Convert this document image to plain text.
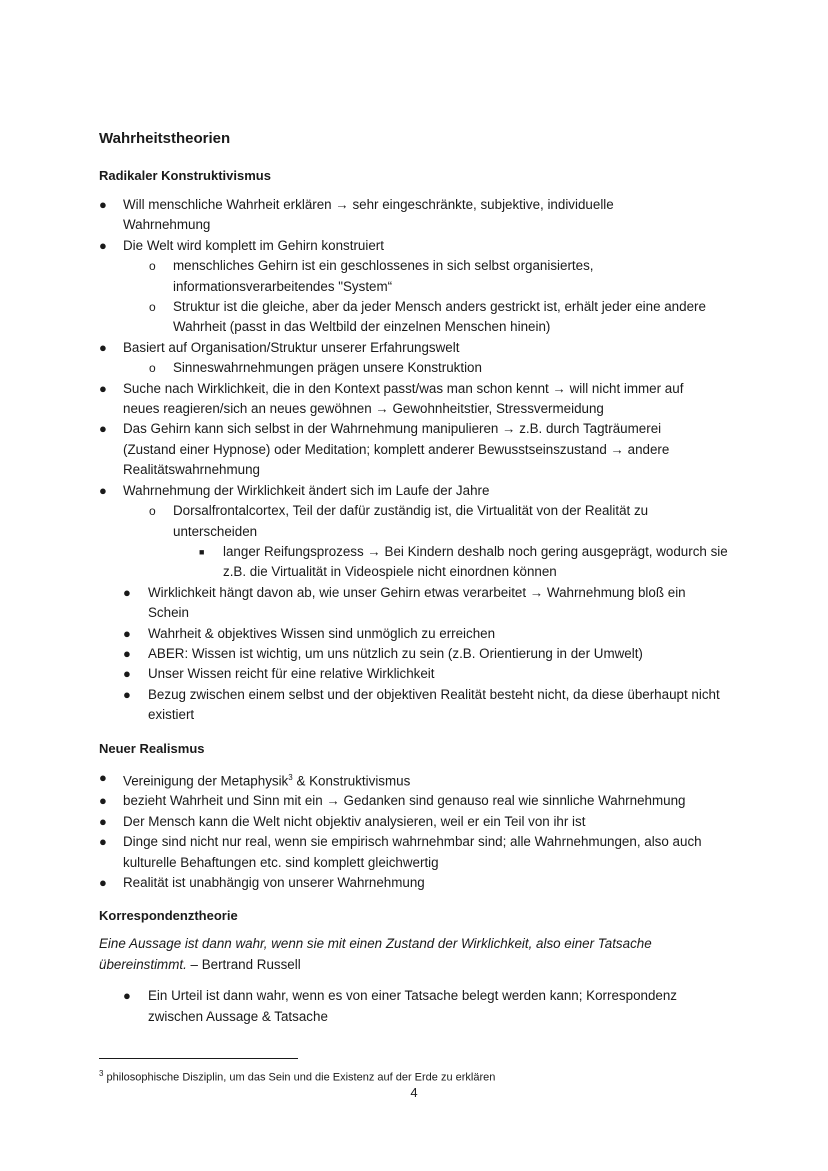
Wahrheitstheorien
Radikaler Konstruktivismus
● Will menschliche Wahrheit erklären → sehr eingeschränkte, subjektive, individuelle Wahrnehmung
● Die Welt wird komplett im Gehirn konstruiert
o menschliches Gehirn ist ein geschlossenes in sich selbst organisiertes, informationsverarbeitendes "System“
o Struktur ist die gleiche, aber da jeder Mensch anders gestrickt ist, erhält jeder eine andere Wahrheit (passt in das Weltbild der einzelnen Menschen hinein)
● Basiert auf Organisation/Struktur unserer Erfahrungswelt
o Sinneswahrnehmungen prägen unsere Konstruktion
● Suche nach Wirklichkeit, die in den Kontext passt/was man schon kennt → will nicht immer auf neues reagieren/sich an neues gewöhnen → Gewohnheitstier, Stressvermeidung
● Das Gehirn kann sich selbst in der Wahrnehmung manipulieren → z.B. durch Tagträumerei (Zustand einer Hypnose) oder Meditation; komplett anderer Bewusstseinszustand → andere Realitätswahrnehmung
● Wahrnehmung der Wirklichkeit ändert sich im Laufe der Jahre
o Dorsalfrontalcortex, Teil der dafür zuständig ist, die Virtualität von der Realität zu unterscheiden
■ langer Reifungsprozess → Bei Kindern deshalb noch gering ausgeprägt, wodurch sie z.B. die Virtualität in Videospiele nicht einordnen können
● Wirklichkeit hängt davon ab, wie unser Gehirn etwas verarbeitet → Wahrnehmung bloß ein Schein
● Wahrheit & objektives Wissen sind unmöglich zu erreichen
● ABER: Wissen ist wichtig, um uns nützlich zu sein (z.B. Orientierung in der Umwelt)
● Unser Wissen reicht für eine relative Wirklichkeit
● Bezug zwischen einem selbst und der objektiven Realität besteht nicht, da diese überhaupt nicht existiert
Neuer Realismus
● Vereinigung der Metaphysik$^3$ & Konstruktivismus
● bezieht Wahrheit und Sinn mit ein → Gedanken sind genauso real wie sinnliche Wahrnehmung
● Der Mensch kann die Welt nicht objektiv analysieren, weil er ein Teil von ihr ist
● Dinge sind nicht nur real, wenn sie empirisch wahrnehmbar sind; alle Wahrnehmungen, also auch kulturelle Behaftungen etc. sind komplett gleichwertig
● Realität ist unabhängig von unserer Wahrnehmung
Korrespondenztheorie

Eine Aussage ist dann wahr, wenn sie mit einen Zustand der Wirklichkeit, also einer Tatsache übereinstimmt. – Bertrand Russell

● Ein Urteil ist dann wahr, wenn es von einer Tatsache belegt werden kann; Korrespondenz zwischen Aussage & Tatsache
$^3$ philosophische Disziplin, um das Sein und die Existenz auf der Erde zu erklären
4
